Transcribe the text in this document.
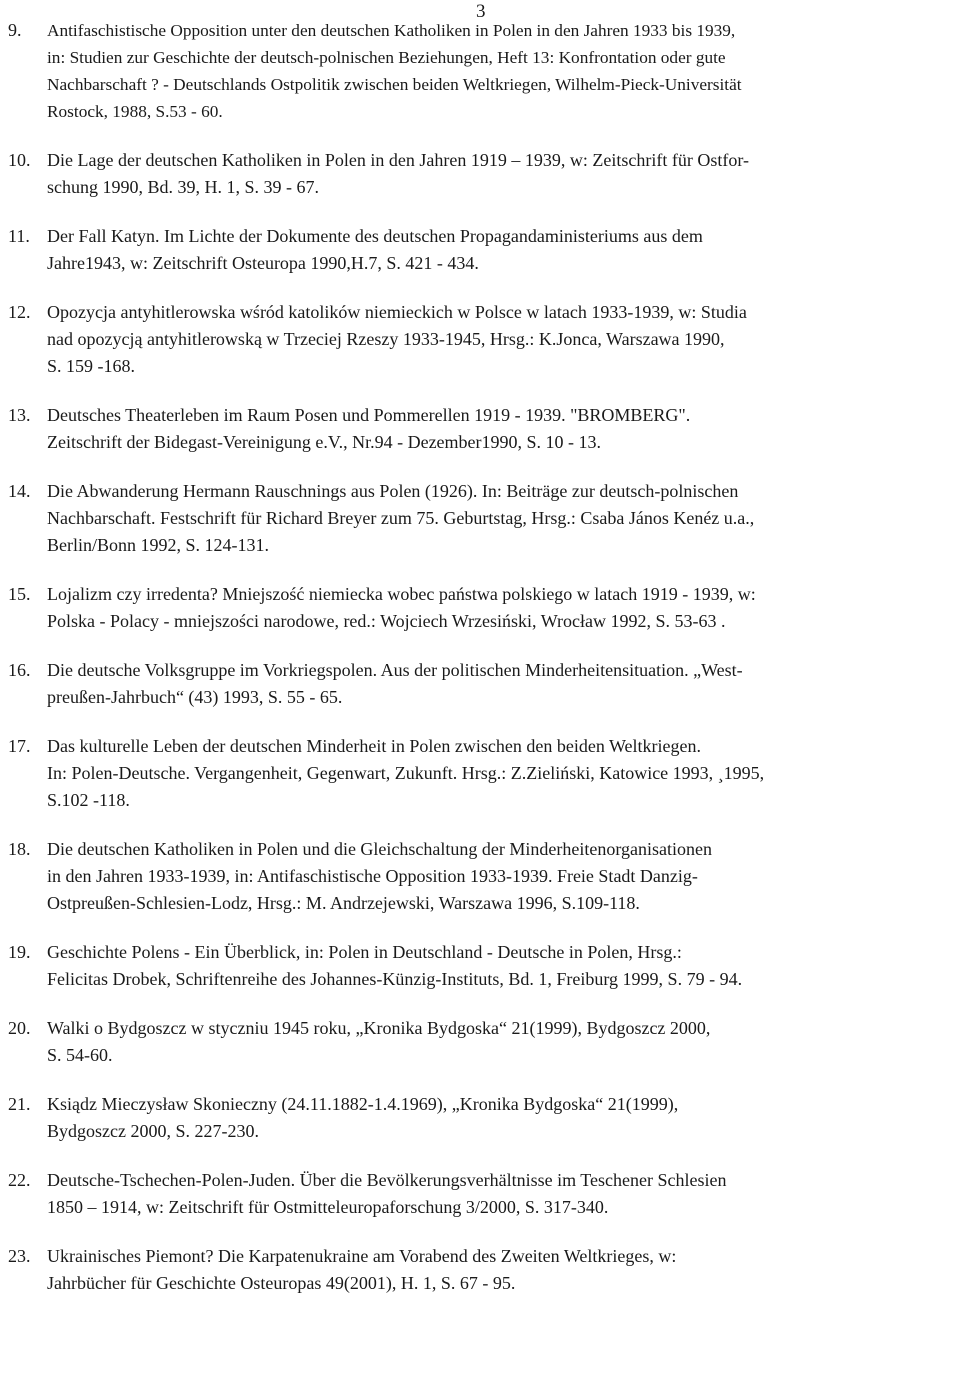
3
9. Antifaschistische Opposition unter den deutschen Katholiken in Polen in den Jahren 1933 bis 1939,
in: Studien zur Geschichte der deutsch-polnischen Beziehungen, Heft 13: Konfrontation oder gute
Nachbarschaft ? - Deutschlands Ostpolitik zwischen beiden Weltkriegen, Wilhelm-Pieck-Universität
Rostock, 1988, S.53 - 60.
10. Die Lage der deutschen Katholiken in Polen in den Jahren 1919 – 1939, w: Zeitschrift für Ostfor-
schung 1990, Bd. 39, H. 1, S. 39 - 67.
11. Der Fall Katyn. Im Lichte der Dokumente des deutschen Propagandaministeriums aus dem
Jahre1943, w: Zeitschrift Osteuropa 1990,H.7, S. 421 - 434.
12. Opozycja antyhitlerowska wśród katolików niemieckich w Polsce w latach 1933-1939, w: Studia
nad opozycją antyhitlerowską w Trzeciej Rzeszy 1933-1945, Hrsg.: K.Jonca, Warszawa 1990,
S. 159 -168.
13. Deutsches Theaterleben im Raum Posen und Pommerellen 1919 - 1939. "BROMBERG".
Zeitschrift der Bidegast-Vereinigung e.V., Nr.94 - Dezember1990, S. 10 - 13.
14. Die Abwanderung Hermann Rauschnings aus Polen (1926). In: Beiträge zur deutsch-polnischen
Nachbarschaft. Festschrift für Richard Breyer zum 75. Geburtstag, Hrsg.: Csaba János Kenéz u.a.,
Berlin/Bonn 1992, S. 124-131.
15. Lojalizm czy irredenta? Mniejszość niemiecka wobec państwa polskiego w latach 1919 - 1939, w:
Polska - Polacy - mniejszości narodowe, red.: Wojciech Wrzesiński, Wrocław 1992, S. 53-63 .
16. Die deutsche Volksgruppe im Vorkriegspolen. Aus der politischen Minderheitensituation. „West-
preußen-Jahrbuch“ (43) 1993, S. 55 - 65.
17. Das kulturelle Leben der deutschen Minderheit in Polen zwischen den beiden Weltkriegen.
In: Polen-Deutsche. Vergangenheit, Gegenwart, Zukunft. Hrsg.: Z.Zieliński, Katowice 1993, ¸1995,
S.102 -118.
18. Die deutschen Katholiken in Polen und die Gleichschaltung der Minderheitenorganisationen
in den Jahren 1933-1939, in: Antifaschistische Opposition 1933-1939. Freie Stadt Danzig-
Ostpreußen-Schlesien-Lodz, Hrsg.: M. Andrzejewski, Warszawa 1996, S.109-118.
19. Geschichte Polens - Ein Überblick, in: Polen in Deutschland - Deutsche in Polen, Hrsg.:
Felicitas Drobek, Schriftenreihe des Johannes-Künzig-Instituts, Bd. 1, Freiburg 1999, S. 79 - 94.
20. Walki o Bydgoszcz w styczniu 1945 roku, „Kronika Bydgoska“ 21(1999), Bydgoszcz 2000,
S. 54-60.
21. Ksiądz Mieczysław Skonieczny (24.11.1882-1.4.1969), „Kronika Bydgoska“ 21(1999),
Bydgoszcz 2000, S. 227-230.
22. Deutsche-Tschechen-Polen-Juden. Über die Bevölkerungsverhältnisse im Teschener Schlesien
1850 – 1914, w: Zeitschrift für Ostmitteleuropaforschung 3/2000, S. 317-340.
23. Ukrainisches Piemont? Die Karpatenukraine am Vorabend des Zweiten Weltkrieges, w:
Jahrbücher für Geschichte Osteuropas 49(2001), H. 1, S. 67 - 95.
